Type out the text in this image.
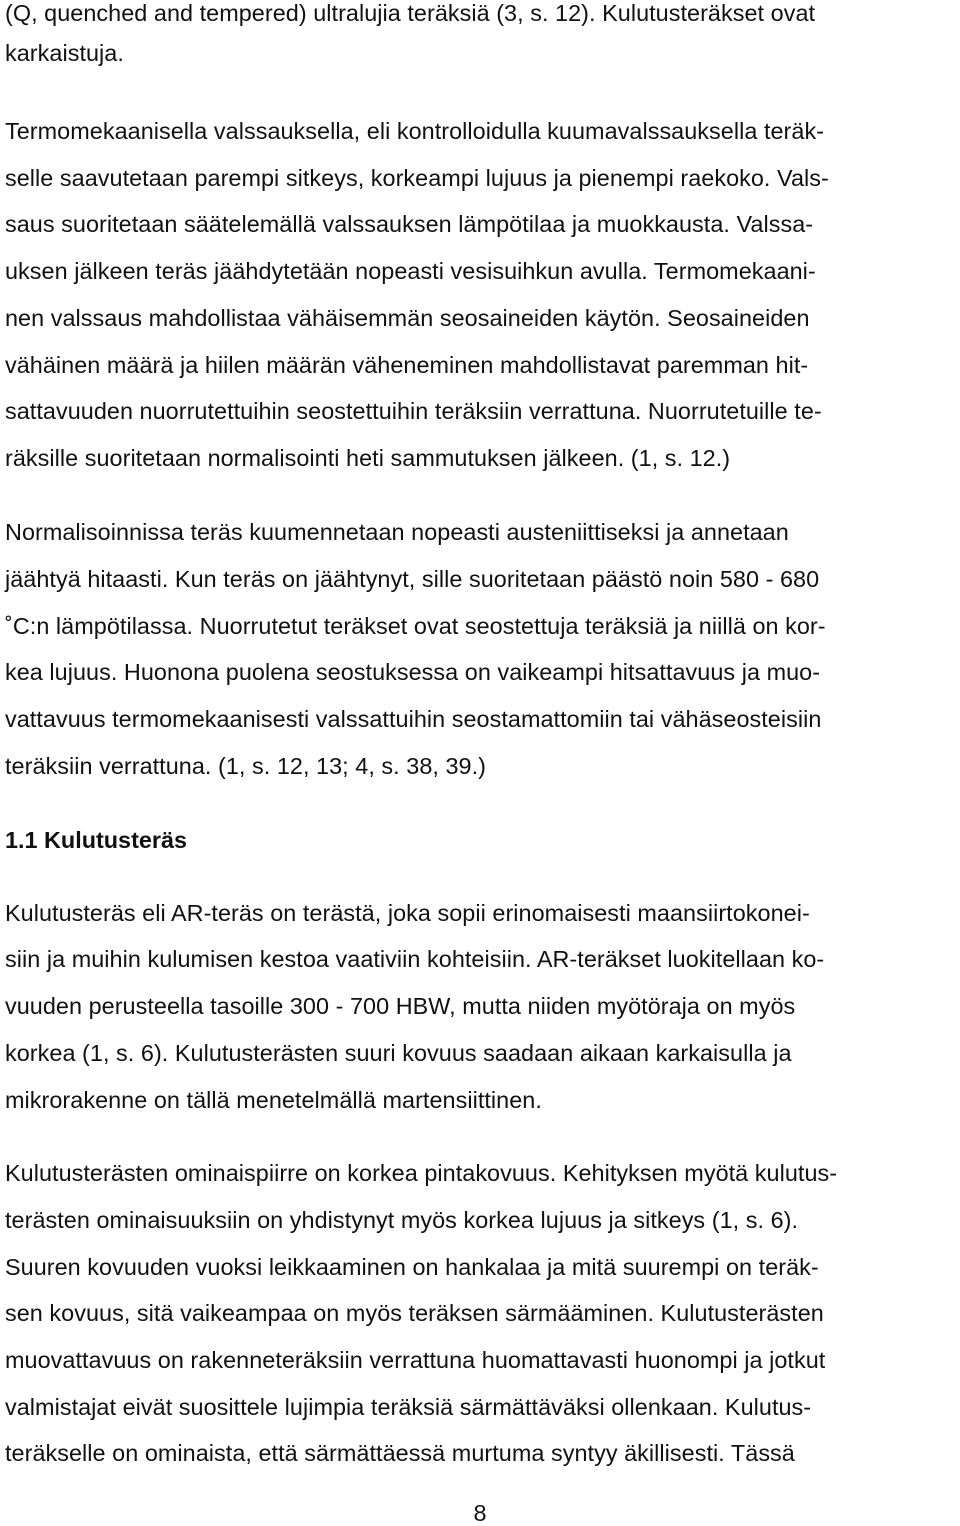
(Q, quenched and tempered) ultralujia teräksiä (3, s. 12). Kulutusteräkset ovat

karkaistuja.

Termomekaanisella valssauksella, eli kontrolloidulla kuumavalssauksella teräk-

selle saavutetaan parempi sitkeys, korkeampi lujuus ja pienempi raekoko. Vals-

saus suoritetaan säätelemällä valssauksen lämpötilaa ja muokkausta. Valssa-

uksen jälkeen teräs jäähdytetään nopeasti vesisuihkun avulla. Termomekaani-

nen valssaus mahdollistaa vähäisemmän seosaineiden käytön. Seosaineiden

vähäinen määrä ja hiilen määrän väheneminen mahdollistavat paremman hit-

sattavuuden nuorrutettuihin seostettuihin teräksiin verrattuna. Nuorrutetuille te-

räksille suoritetaan normalisointi heti sammutuksen jälkeen. (1, s. 12.)

Normalisoinnissa teräs kuumennetaan nopeasti austeniittiseksi ja annetaan

jäähtyä hitaasti. Kun teräs on jäähtynyt, sille suoritetaan päästö noin 580 - 680

˚C:n lämpötilassa. Nuorrutetut teräkset ovat seostettuja teräksiä ja niillä on kor-

kea lujuus. Huonona puolena seostuksessa on vaikeampi hitsattavuus ja muo-

vattavuus termomekaanisesti valssattuihin seostamattomiin tai vähäseosteisiin

teräksiin verrattuna. (1, s. 12, 13; 4, s. 38, 39.)

1.1 Kulutusteräs

Kulutusteräs eli AR-teräs on terästä, joka sopii erinomaisesti maansiirtokonei-

siin ja muihin kulumisen kestoa vaativiin kohteisiin. AR-teräkset luokitellaan ko-

vuuden perusteella tasoille 300 - 700 HBW, mutta niiden myötöraja on myös

korkea (1, s. 6). Kulutusterästen suuri kovuus saadaan aikaan karkaisulla ja

mikrorakenne on tällä menetelmällä martensiittinen.

Kulutusterästen ominaispiirre on korkea pintakovuus. Kehityksen myötä kulutus-

terästen ominaisuuksiin on yhdistynyt myös korkea lujuus ja sitkeys (1, s. 6).

Suuren kovuuden vuoksi leikkaaminen on hankalaa ja mitä suurempi on teräk-

sen kovuus, sitä vaikeampaa on myös teräksen särmääminen. Kulutusterästen

muovattavuus on rakenneteräksiin verrattuna huomattavasti huonompi ja jotkut

valmistajat eivät suosittele lujimpia teräksiä särmättäväksi ollenkaan. Kulutus-

teräkselle on ominaista, että särmättäessä murtuma syntyy äkillisesti. Tässä

8
